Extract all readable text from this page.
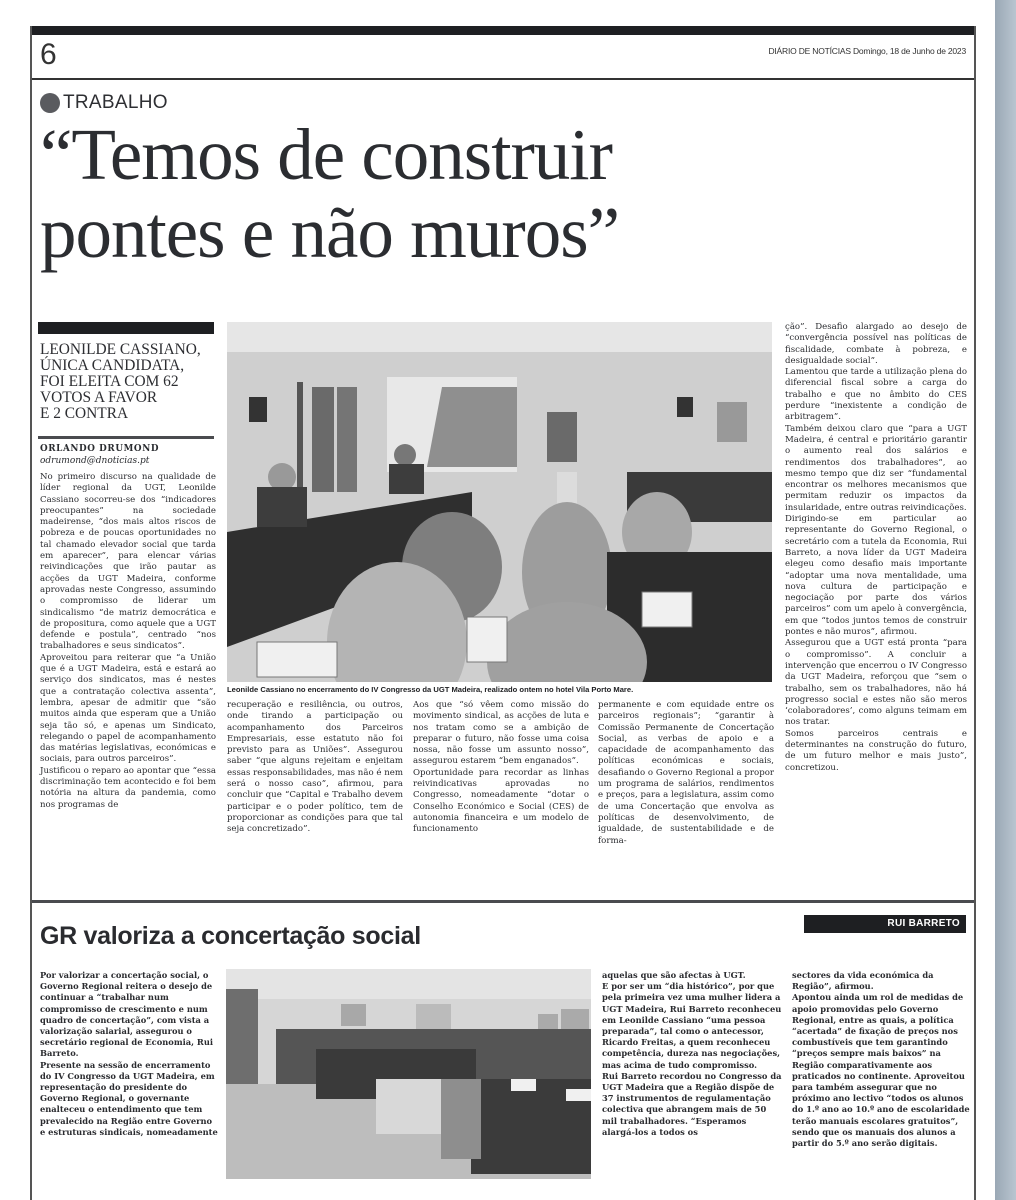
6	DIÁRIO DE NOTÍCIAS Domingo, 18 de Junho de 2023
TRABALHO
“Temos de construir
pontes e não muros”
LEONILDE CASSIANO,
ÚNICA CANDIDATA,
FOI ELEITA COM 62
VOTOS A FAVOR
E 2 CONTRA
ORLANDO DRUMOND
odrumond@dnoticias.pt

No primeiro discurso na qualidade de líder regional da UGT, Leonilde Cassiano socorreu-se dos “indicadores preocupantes” na sociedade madeirense, “dos mais altos riscos de pobreza e de poucas oportunidades no tal chamado elevador social que tarda em aparecer”, para elencar várias reivindicações que irão pautar as acções da UGT Madeira, conforme aprovadas neste Congresso, assumindo o compromisso de liderar um sindicalismo “de matriz democrática e de propositura, como aquele que a UGT defende e postula”, centrado “nos trabalhadores e seus sindicatos”.

Aproveitou para reiterar que “a União que é a UGT Madeira, está e estará ao serviço dos sindicatos, mas é nestes que a contratação colectiva assenta”, lembra, apesar de admitir que “são muitos ainda que esperam que a União seja tão só, e apenas um Sindicato, relegando o papel de acompanhamento das matérias legislativas, económicas e sociais, para outros parceiros”.

Justificou o reparo ao apontar que “essa discriminação tem acontecido e foi bem notória na altura da pandemia, como nos programas de

Leonilde Cassiano no encerramento do IV Congresso da UGT Madeira, realizado ontem no hotel Vila Porto Mare.

recuperação e resiliência, ou outros, onde tirando a participação ou acompanhamento dos Parceiros Empresariais, esse estatuto não foi previsto para as Uniões”. Assegurou saber “que alguns rejeitam e enjeitam essas responsabilidades, mas não é nem será o nosso caso”, afirmou, para concluir que “Capital e Trabalho devem participar e o poder político, tem de proporcionar as condições para que tal seja concretizado”.

Aos que “só vêem como missão do movimento sindical, as acções de luta e nos tratam como se a ambição de preparar o futuro, não fosse uma coisa nossa, não fosse um assunto nosso”, assegurou estarem “bem enganados”.

Oportunidade para recordar as linhas reivindicativas aprovadas no Congresso, nomeadamente “dotar o Conselho Económico e Social (CES) de autonomia financeira e um modelo de funcionamento

permanente e com equidade entre os parceiros regionais”; “garantir à Comissão Permanente de Concertação Social, as verbas de apoio e a capacidade de acompanhamento das políticas económicas e sociais, desafiando o Governo Regional a propor um programa de salários, rendimentos e preços, para a legislatura, assim como de uma Concertação que envolva as políticas de desenvolvimento, de igualdade, de sustentabilidade e de forma-

ção”. Desafio alargado ao desejo de “convergência possível nas políticas de fiscalidade, combate à pobreza, e desigualdade social”.

Lamentou que tarde a utilização plena do diferencial fiscal sobre a carga do trabalho e que no âmbito do CES perdure “inexistente a condição de arbitragem”.

Também deixou claro que “para a UGT Madeira, é central e prioritário garantir o aumento real dos salários e rendimentos dos trabalhadores”, ao mesmo tempo que diz ser “fundamental encontrar os melhores mecanismos que permitam reduzir os impactos da insularidade, entre outras reivindicações.

Dirigindo-se em particular ao representante do Governo Regional, o secretário com a tutela da Economia, Rui Barreto, a nova líder da UGT Madeira elegeu como desafio mais importante “adoptar uma nova mentalidade, uma nova cultura de participação e negociação por parte dos vários parceiros” com um apelo à convergência, em que “todos juntos temos de construir pontes e não muros”, afirmou.

Assegurou que a UGT está pronta “para o compromisso”. A concluir a intervenção que encerrou o IV Congresso da UGT Madeira, reforçou que “sem o trabalho, sem os trabalhadores, não há progresso social e estes não são meros ‘colaboradores’, como alguns teimam em nos tratar.

Somos parceiros centrais e determinantes na construção do futuro, de um futuro melhor e mais justo”, concretizou.

RUI BARRETO
GR valoriza a concertação social

Por valorizar a concertação social, o Governo Regional reitera o desejo de continuar a “trabalhar num compromisso de crescimento e num quadro de concertação”, com vista a valorização salarial, assegurou o secretário regional de Economia, Rui Barreto.

Presente na sessão de encerramento do IV Congresso da UGT Madeira, em representação do presidente do Governo Regional, o governante enalteceu o entendimento que tem prevalecido na Região entre Governo e estruturas sindicais, nomeadamente

aquelas que são afectas à UGT.

E por ser um “dia histórico”, por que pela primeira vez uma mulher lidera a UGT Madeira, Rui Barreto reconheceu em Leonilde Cassiano “uma pessoa preparada”, tal como o antecessor, Ricardo Freitas, a quem reconheceu competência, dureza nas negociações, mas acima de tudo compromisso.

Rui Barreto recordou no Congresso da UGT Madeira que a Região dispõe de 37 instrumentos de regulamentação colectiva que abrangem mais de 50 mil trabalhadores. “Esperamos alargá-los a todos os

sectores da vida económica da Região”, afirmou.

Apontou ainda um rol de medidas de apoio promovidas pelo Governo Regional, entre as quais, a política “acertada” de fixação de preços nos combustíveis que tem garantindo “preços sempre mais baixos” na Região comparativamente aos praticados no continente. Aproveitou para também assegurar que no próximo ano lectivo “todos os alunos do 1.º ano ao 10.º ano de escolaridade terão manuais escolares gratuitos”, sendo que os manuais dos alunos a partir do 5.º ano serão digitais.
